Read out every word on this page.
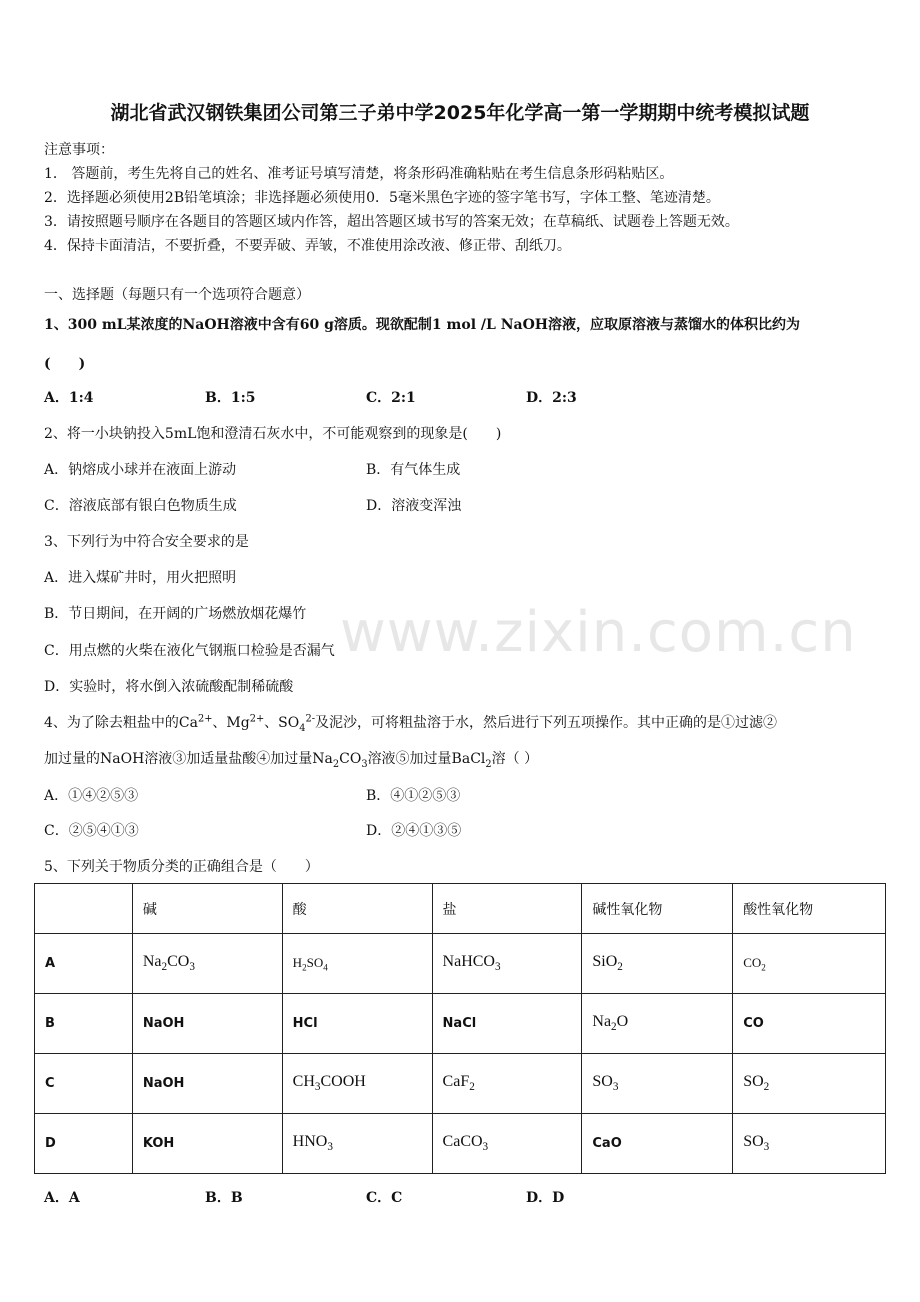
湖北省武汉钢铁集团公司第三子弟中学2025年化学高一第一学期期中统考模拟试题
注意事项：
1． 答题前，考生先将自己的姓名、准考证号填写清楚，将条形码准确粘贴在考生信息条形码粘贴区。
2．选择题必须使用2B铅笔填涂；非选择题必须使用0．5毫米黑色字迹的签字笔书写，字体工整、笔迹清楚。
3．请按照题号顺序在各题目的答题区域内作答，超出答题区域书写的答案无效；在草稿纸、试题卷上答题无效。
4．保持卡面清洁，不要折叠，不要弄破、弄皱，不准使用涂改液、修正带、刮纸刀。
一、选择题（每题只有一个选项符合题意）
1、300 mL某浓度的NaOH溶液中含有60 g溶质。现欲配制1 mol /L NaOH溶液，应取原溶液与蒸馏水的体积比约为
(　　)
A．1:4	B．1:5	C．2:1	D．2:3
2、将一小块钠投入5mL饱和澄清石灰水中，不可能观察到的现象是(　　)
A．钠熔成小球并在液面上游动	B．有气体生成
C．溶液底部有银白色物质生成	D．溶液变浑浊
3、下列行为中符合安全要求的是
A．进入煤矿井时，用火把照明
B．节日期间，在开阔的广场燃放烟花爆竹
C．用点燃的火柴在液化气钢瓶口检验是否漏气
D．实验时，将水倒入浓硫酸配制稀硫酸
www.zixin.com.cn
4、为了除去粗盐中的$Ca^{2+}$、$Mg^{2+}$、$SO_4^{2-}$及泥沙，可将粗盐溶于水，然后进行下列五项操作。其中正确的是①过滤②
加过量的NaOH溶液③加适量盐酸④加过量$Na_2CO_3$溶液⑤加过量BaCl$_2$溶（ ）
A．①④②⑤③	B．④①②⑤③
C．②⑤④①③	D．②④①③⑤
5、下列关于物质分类的正确组合是（　　）
	碱	酸	盐	碱性氧化物	酸性氧化物
A	$Na_2CO_3$	$H_2SO_4$	NaHCO$_3$	SiO$_2$	$CO_2$
B	NaOH	HCl	NaCl	$Na_2O$	CO
C	NaOH	$CH_3COOH$	CaF$_2$	$SO_3$	$SO_2$
D	KOH	$HNO_3$	CaCO$_3$	CaO	$SO_3$
A．A	B．B	C．C	D．D
